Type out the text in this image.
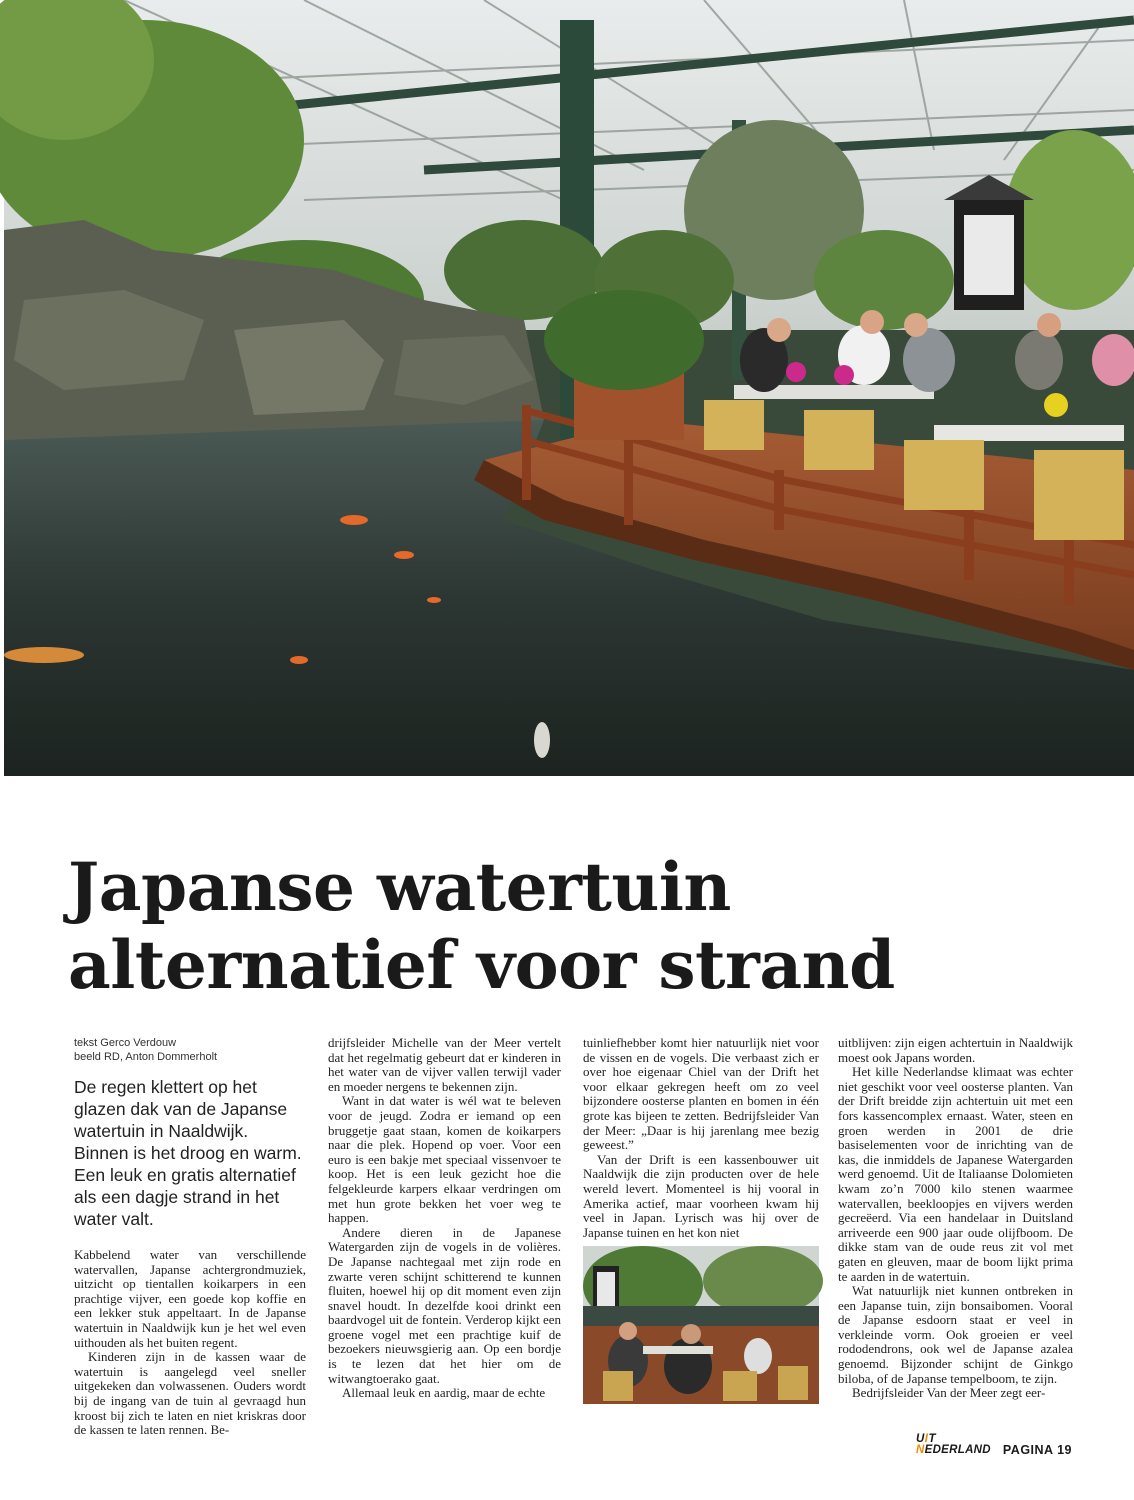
Japanse watertuin
alternatief voor strand
tekst Gerco Verdouw
beeld RD, Anton Dommerholt

De regen klettert op het glazen dak van de Japanse watertuin in Naaldwijk. Binnen is het droog en warm. Een leuk en gratis alternatief als een dagje strand in het water valt.

Kabbelend water van verschillende watervallen, Japanse achtergrondmuziek, uitzicht op tientallen koikarpers in een prachtige vijver, een goede kop koffie en een lekker stuk appeltaart. In de Japanse watertuin in Naaldwijk kun je het wel even uithouden als het buiten regent.

Kinderen zijn in de kassen waar de watertuin is aangelegd veel sneller uitgekeken dan volwassenen. Ouders wordt bij de ingang van de tuin al gevraagd hun kroost bij zich te laten en niet kriskras door de kassen te laten rennen. Be-

drijfsleider Michelle van der Meer vertelt dat het regelmatig gebeurt dat er kinderen in het water van de vijver vallen terwijl vader en moeder nergens te bekennen zijn.

Want in dat water is wél wat te beleven voor de jeugd. Zodra er iemand op een bruggetje gaat staan, komen de koikarpers naar die plek. Hopend op voer. Voor een euro is een bakje met speciaal vissenvoer te koop. Het is een leuk gezicht hoe die felgekleurde karpers elkaar verdringen om met hun grote bekken het voer weg te happen.

Andere dieren in de Japanese Watergarden zijn de vogels in de volières. De Japanse nachtegaal met zijn rode en zwarte veren schijnt schitterend te kunnen fluiten, hoewel hij op dit moment even zijn snavel houdt. In dezelfde kooi drinkt een baardvogel uit de fontein. Verderop kijkt een groene vogel met een prachtige kuif de bezoekers nieuwsgierig aan. Op een bordje is te lezen dat het hier om de witwangtoerako gaat.

Allemaal leuk en aardig, maar de echte

tuinliefhebber komt hier natuurlijk niet voor de vissen en de vogels. Die verbaast zich er over hoe eigenaar Chiel van der Drift het voor elkaar gekregen heeft om zo veel bijzondere oosterse planten en bomen in één grote kas bijeen te zetten. Bedrijfsleider Van der Meer: „Daar is hij jarenlang mee bezig geweest.”

Van der Drift is een kassenbouwer uit Naaldwijk die zijn producten over de hele wereld levert. Momenteel is hij vooral in Amerika actief, maar voorheen kwam hij veel in Japan. Lyrisch was hij over de Japanse tuinen en het kon niet

uitblijven: zijn eigen achtertuin in Naaldwijk moest ook Japans worden.

Het kille Nederlandse klimaat was echter niet geschikt voor veel oosterse planten. Van der Drift breidde zijn achtertuin uit met een fors kassencomplex ernaast. Water, steen en groen werden in 2001 de drie basiselementen voor de inrichting van de kas, die inmiddels de Japanese Watergarden werd genoemd. Uit de Italiaanse Dolomieten kwam zo’n 7000 kilo stenen waarmee watervallen, beekloopjes en vijvers werden gecreëerd. Via een handelaar in Duitsland arriveerde een 900 jaar oude olijfboom. De dikke stam van de oude reus zit vol met gaten en gleuven, maar de boom lijkt prima te aarden in de watertuin.

Wat natuurlijk niet kunnen ontbreken in een Japanse tuin, zijn bonsaibomen. Vooral de Japanse esdoorn staat er veel in verkleinde vorm. Ook groeien er veel rododendrons, ook wel de Japanse azalea genoemd. Bijzonder schijnt de Ginkgo biloba, of de Japanse tempelboom, te zijn.

Bedrijfsleider Van der Meer zegt eer-

UIT
NEDERLAND PAGINA 19
